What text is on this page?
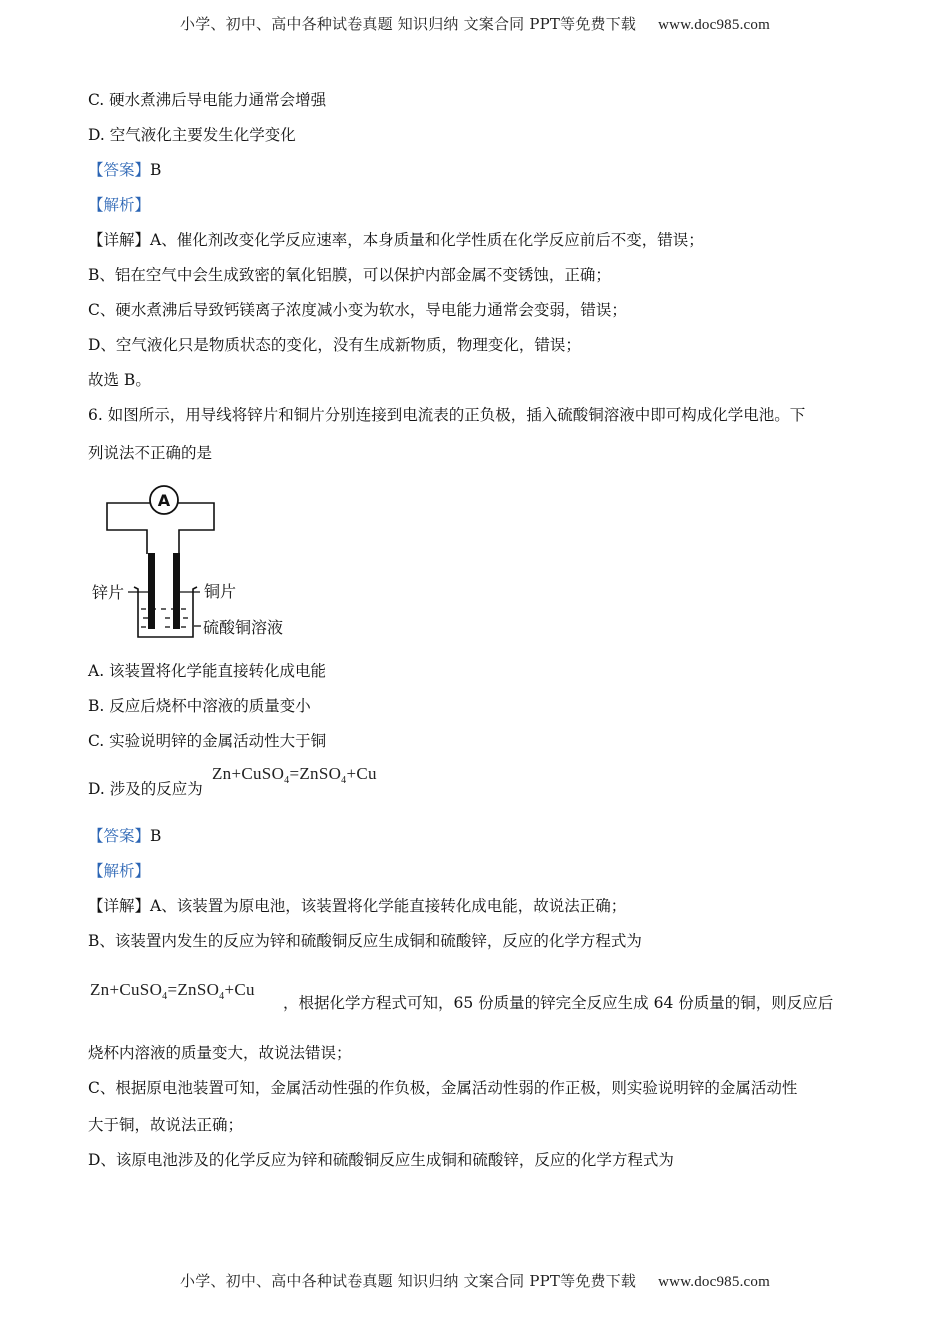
小学、初中、高中各种试卷真题 知识归纳 文案合同 PPT等免费下载 www.doc985.com
C. 硬水煮沸后导电能力通常会增强
D. 空气液化主要发生化学变化
【答案】B
【解析】
【详解】A、催化剂改变化学反应速率，本身质量和化学性质在化学反应前后不变，错误；
B、铝在空气中会生成致密的氧化铝膜，可以保护内部金属不变锈蚀，正确；
C、硬水煮沸后导致钙镁离子浓度减小变为软水，导电能力通常会变弱，错误；
D、空气液化只是物质状态的变化，没有生成新物质，物理变化，错误；
故选 B。
6. 如图所示，用导线将锌片和铜片分别连接到电流表的正负极，插入硫酸铜溶液中即可构成化学电池。下
列说法不正确的是
A
锌片	铜片
硫酸铜溶液
A. 该装置将化学能直接转化成电能
B. 反应后烧杯中溶液的质量变小
C. 实验说明锌的金属活动性大于铜
D. 涉及的反应为
Zn+CuSO$_4$=ZnSO$_4$+Cu
【答案】B
【解析】
【详解】A、该装置为原电池，该装置将化学能直接转化成电能，故说法正确；
B、该装置内发生的反应为锌和硫酸铜反应生成铜和硫酸锌，反应的化学方程式为
Zn+CuSO$_4$=ZnSO$_4$+Cu
，根据化学方程式可知，65 份质量的锌完全反应生成 64 份质量的铜，则反应后
烧杯内溶液的质量变大，故说法错误；
C、根据原电池装置可知，金属活动性强的作负极，金属活动性弱的作正极，则实验说明锌的金属活动性
大于铜，故说法正确；
D、该原电池涉及的化学反应为锌和硫酸铜反应生成铜和硫酸锌，反应的化学方程式为
小学、初中、高中各种试卷真题 知识归纳 文案合同 PPT等免费下载 www.doc985.com
